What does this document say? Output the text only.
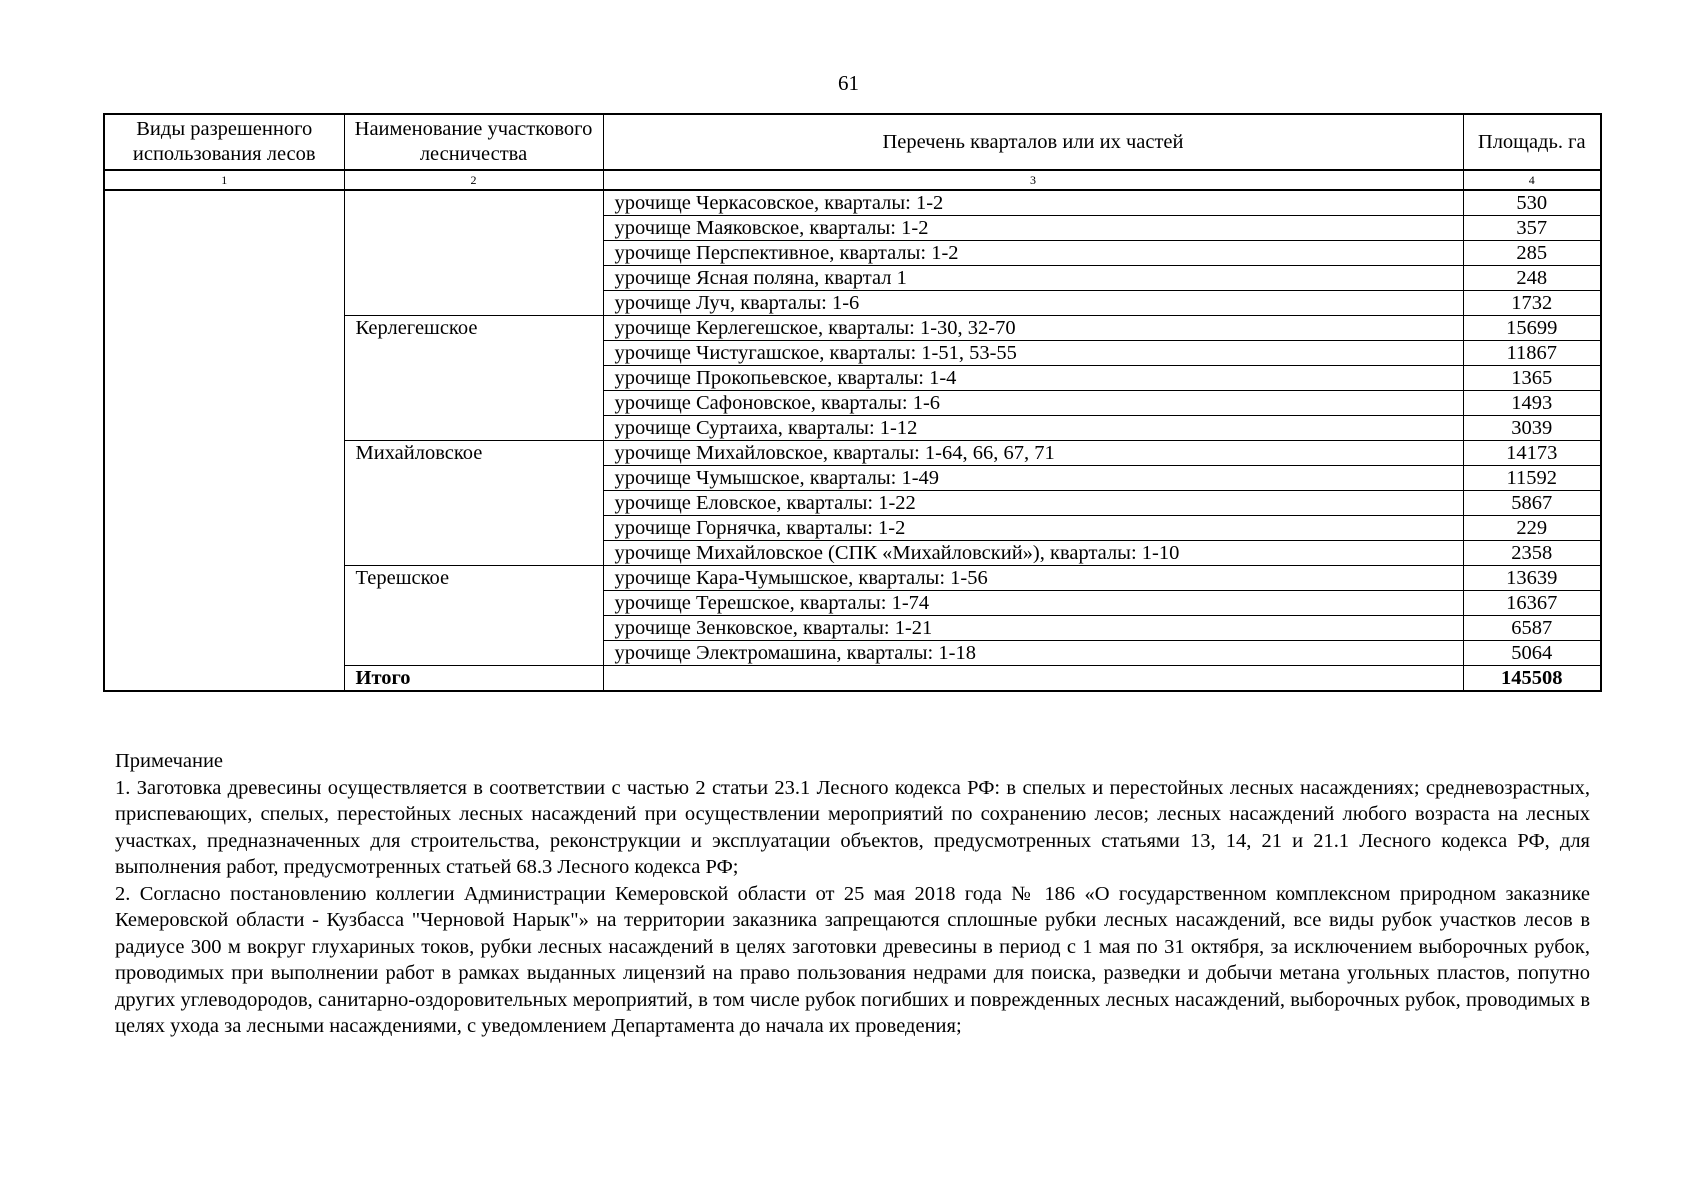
61
Виды разрешенного использования лесов	Наименование участкового лесничества	Перечень кварталов или их частей	Площадь. га
1	2	3	4
		урочище Черкасовское, кварталы: 1-2	530
		урочище Маяковское, кварталы: 1-2	357
		урочище Перспективное, кварталы: 1-2	285
		урочище Ясная поляна, квартал 1	248
		урочище Луч, кварталы: 1-6	1732
	Керлегешское	урочище Керлегешское, кварталы: 1-30, 32-70	15699
		урочище Чистугашское, кварталы: 1-51, 53-55	11867
		урочище Прокопьевское, кварталы: 1-4	1365
		урочище Сафоновское, кварталы: 1-6	1493
		урочище Суртаиха, кварталы: 1-12	3039
	Михайловское	урочище Михайловское, кварталы: 1-64, 66, 67, 71	14173
		урочище Чумышское, кварталы: 1-49	11592
		урочище Еловское, кварталы: 1-22	5867
		урочище Горнячка, кварталы: 1-2	229
		урочище Михайловское (СПК «Михайловский»), кварталы: 1-10	2358
	Терешское	урочище Кара-Чумышское, кварталы: 1-56	13639
		урочище Терешское, кварталы: 1-74	16367
		урочище Зенковское, кварталы: 1-21	6587
		урочище Электромашина, кварталы: 1-18	5064
	Итого		145508

Примечание

1. Заготовка древесины осуществляется в соответствии с частью 2 статьи 23.1 Лесного кодекса РФ: в спелых и перестойных лесных насаждениях; средневозрастных, приспевающих, спелых, перестойных лесных насаждений при осуществлении мероприятий по сохранению лесов; лесных насаждений любого возраста на лесных участках, предназначенных для строительства, реконструкции и эксплуатации объектов, предусмотренных статьями 13, 14, 21 и 21.1 Лесного кодекса РФ, для выполнения работ, предусмотренных статьей 68.3 Лесного кодекса РФ;

2. Согласно постановлению коллегии Администрации Кемеровской области от 25 мая 2018 года № 186 «О государственном комплексном природном заказнике Кемеровской области - Кузбасса "Черновой Нарык"» на территории заказника запрещаются сплошные рубки лесных насаждений, все виды рубок участков лесов в радиусе 300 м вокруг глухариных токов, рубки лесных насаждений в целях заготовки древесины в период с 1 мая по 31 октября, за исключением выборочных рубок, проводимых при выполнении работ в рамках выданных лицензий на право пользования недрами для поиска, разведки и добычи метана угольных пластов, попутно других углеводородов, санитарно-оздоровительных мероприятий, в том числе рубок погибших и поврежденных лесных насаждений, выборочных рубок, проводимых в целях ухода за лесными насаждениями, с уведомлением Департамента до начала их проведения;
